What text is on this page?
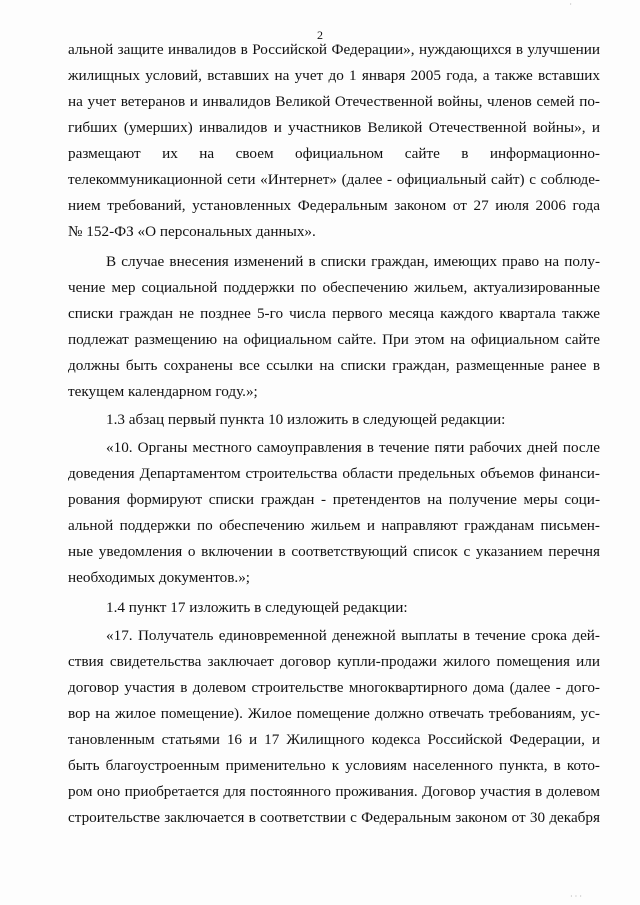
·
2
альной защите инвалидов в Российской Федерации», нуждающихся в улучшении
жилищных условий, вставших на учет до 1 января 2005 года, а также вставших
на учет ветеранов и инвалидов Великой Отечественной войны, членов семей по-
гибших (умерших) инвалидов и участников Великой Отечественной войны», и
размещают их на своем официальном сайте в информационно-
телекоммуникационной сети «Интернет» (далее - официальный сайт) с соблюде-
нием требований, установленных Федеральным законом от 27 июля 2006 года
№ 152-ФЗ «О персональных данных».
В случае внесения изменений в списки граждан, имеющих право на полу-
чение мер социальной поддержки по обеспечению жильем, актуализированные
списки граждан не позднее 5-го числа первого месяца каждого квартала также
подлежат размещению на официальном сайте. При этом на официальном сайте
должны быть сохранены все ссылки на списки граждан, размещенные ранее в
текущем календарном году.»;
1.3 абзац первый пункта 10 изложить в следующей редакции:
«10. Органы местного самоуправления в течение пяти рабочих дней после
доведения Департаментом строительства области предельных объемов финанси-
рования формируют списки граждан - претендентов на получение меры соци-
альной поддержки по обеспечению жильем и направляют гражданам письмен-
ные уведомления о включении в соответствующий список с указанием перечня
необходимых документов.»;
1.4 пункт 17 изложить в следующей редакции:
«17. Получатель единовременной денежной выплаты в течение срока дей-
ствия свидетельства заключает договор купли-продажи жилого помещения или
договор участия в долевом строительстве многоквартирного дома (далее - дого-
вор на жилое помещение). Жилое помещение должно отвечать требованиям, ус-
тановленным статьями 16 и 17 Жилищного кодекса Российской Федерации, и
быть благоустроенным применительно к условиям населенного пункта, в кото-
ром оно приобретается для постоянного проживания. Договор участия в долевом
строительстве заключается в соответствии с Федеральным законом от 30 декабря
· · ·
